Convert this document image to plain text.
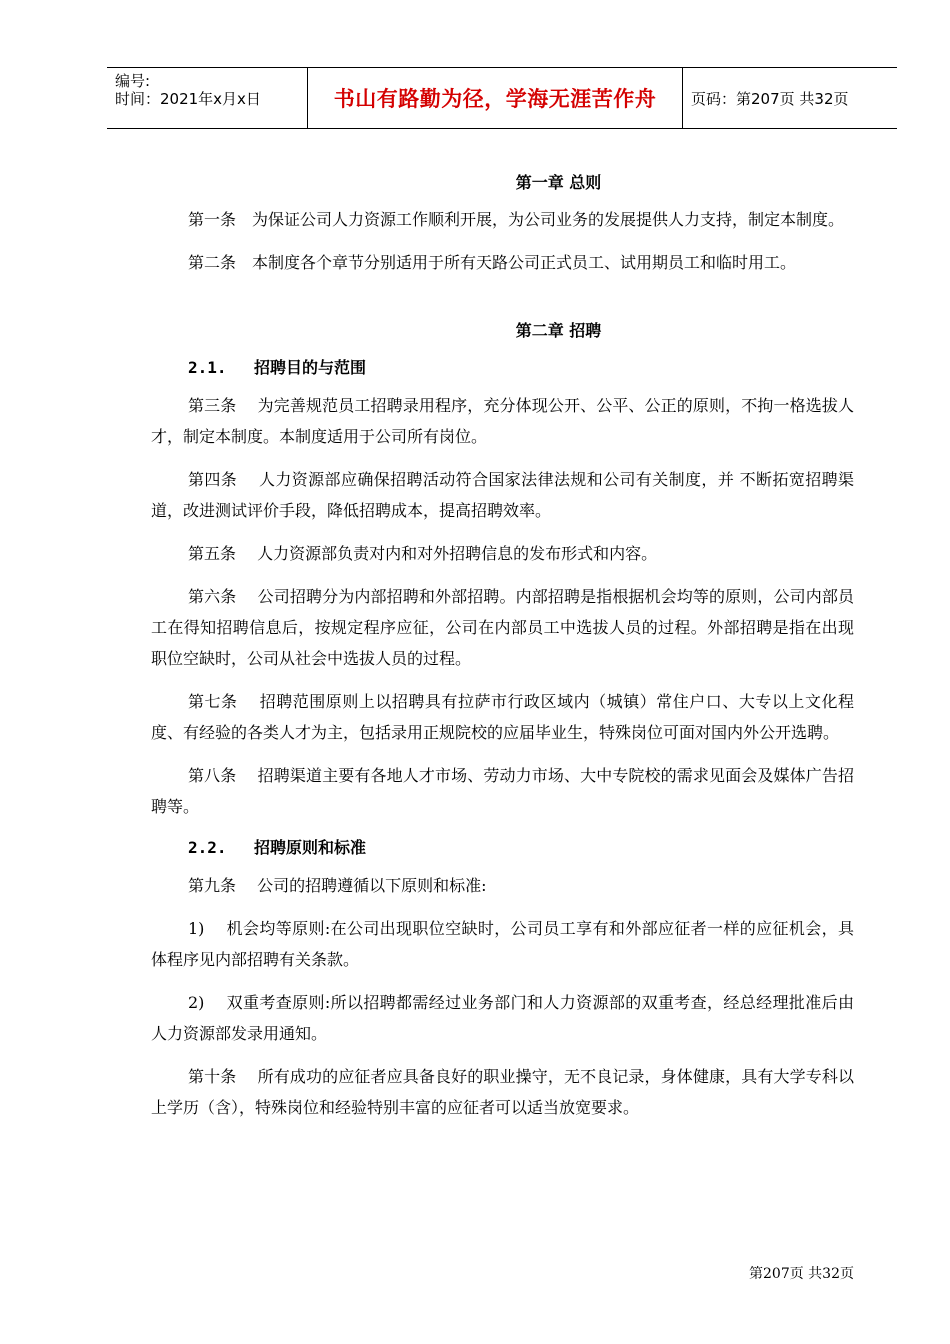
编号:
时间：2021年x月x日	书山有路勤为径，学海无涯苦作舟	页码：第207页 共32页
第一章 总则

第一条　为保证公司人力资源工作顺利开展，为公司业务的发展提供人力支持，制定本制度。

第二条　本制度各个章节分别适用于所有天路公司正式员工、试用期员工和临时用工。

第二章 招聘
2.1. 招聘目的与范围

第三条　 为完善规范员工招聘录用程序，充分体现公开、公平、公正的原则，不拘一格选拔人才，制定本制度。本制度适用于公司所有岗位。

第四条　 人力资源部应确保招聘活动符合国家法律法规和公司有关制度，并 不断拓宽招聘渠道，改进测试评价手段，降低招聘成本，提高招聘效率。

第五条　 人力资源部负责对内和对外招聘信息的发布形式和内容。

第六条　 公司招聘分为内部招聘和外部招聘。内部招聘是指根据机会均等的原则，公司内部员工在得知招聘信息后，按规定程序应征，公司在内部员工中选拔人员的过程。外部招聘是指在出现职位空缺时，公司从社会中选拔人员的过程。

第七条　 招聘范围原则上以招聘具有拉萨市行政区域内（城镇）常住户口、大专以上文化程度、有经验的各类人才为主，包括录用正规院校的应届毕业生，特殊岗位可面对国内外公开选聘。

第八条　 招聘渠道主要有各地人才市场、劳动力市场、大中专院校的需求见面会及媒体广告招聘等。

2.2. 招聘原则和标准

第九条　 公司的招聘遵循以下原则和标准:

1)　 机会均等原则:在公司出现职位空缺时，公司员工享有和外部应征者一样的应征机会，具体程序见内部招聘有关条款。

2)　 双重考查原则:所以招聘都需经过业务部门和人力资源部的双重考查，经总经理批准后由人力资源部发录用通知。

第十条　 所有成功的应征者应具备良好的职业操守，无不良记录，身体健康，具有大学专科以上学历（含），特殊岗位和经验特别丰富的应征者可以适当放宽要求。

第207页 共32页
